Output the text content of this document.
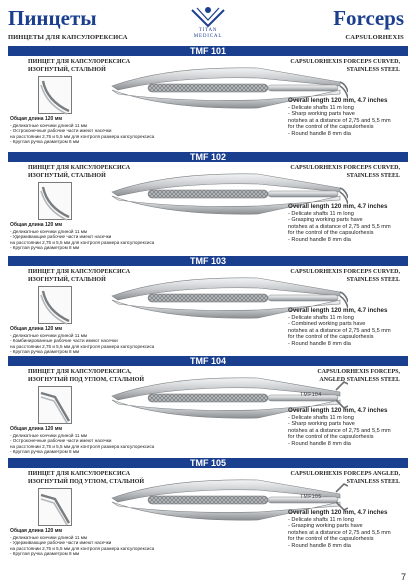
Пинцеты
ПИНЦЕТЫ ДЛЯ КАПСУЛОРЕКСИСА
TITAN
MEDICAL
Forceps
CAPSULORHEXIS
TMF 101
ПИНЦЕТ ДЛЯ КАПСУЛОРЕКСИСА
ИЗОГНУТЫЙ, СТАЛЬНОЙ
CAPSULORHEXIS FORCEPS CURVED,
STAINLESS STEEL
Общая длина 120 мм
- Деликатные кончики длиной 11 мм
- Остроконечные рабочие части имеют насечки
на расстоянии 2,75 и 5,5 мм для контроля размера капсулорексиса
- Круглая ручка диаметром 8 мм
Overall length 120 mm, 4.7 inches
- Delicate shafts 11 m long
- Sharp working parts have
notshes at a distance of 2,75 and 5,5 mm
for the control of the capsulorhexis
- Round handle 8 mm dia
TMF 102
ПИНЦЕТ ДЛЯ КАПСУЛОРЕКСИСА
ИЗОГНУТЫЙ, СТАЛЬНОЙ
CAPSULORHEXIS FORCEPS CURVED,
STAINLESS STEEL
Общая длина 120 мм
- Деликатные кончики длиной 11 мм
- Удерживающие рабочие части имеют насечки
на расстоянии 2,75 и 5,5 мм для контроля размера капсулорексиса
- Круглая ручка диаметром 8 мм
Overall length 120 mm, 4.7 inches
- Delicate shafts 11 m long
- Grasping working parts have
notshes at a distance of 2,75 and 5,5 mm
for the control of the capsulorhexis
- Round handle 8 mm dia
TMF 103
ПИНЦЕТ ДЛЯ КАПСУЛОРЕКСИСА
ИЗОГНУТЫЙ, СТАЛЬНОЙ
CAPSULORHEXIS FORCEPS CURVED,
STAINLESS STEEL
Общая длина 120 мм
- Деликатные кончики длиной 11 мм
- Комбинированные рабочие части имеют насечки
на расстоянии 2,75 и 5,5 мм для контроля размера капсулорексиса
- Круглая ручка диаметром 8 мм
Overall length 120 mm, 4.7 inches
- Delicate shafts 11 m long
- Combined working parts have
notshes at a distance of 2,75 and 5,5 mm
for the control of the capsulorhexis
- Round handle 8 mm dia
TMF 104
ПИНЦЕТ ДЛЯ КАПСУЛОРЕКСИСА,
ИЗОГНУТЫЙ ПОД УГЛОМ, СТАЛЬНОЙ
CAPSULORHEXIS FORCEPS,
ANGLED STAINLESS STEEL
Общая длина 120 мм
- Деликатные кончики длиной 11 мм
- Остроконечные рабочие части имеют насечки
на расстоянии 2,75 и 5,5 мм для контроля размера капсулорексиса
- Круглая ручка диаметром 8 мм
Overall length 120 mm, 4.7 inches
- Delicate shafts 11 m long
- Sharp working parts have
notshes at a distance of 2,75 and 5,5 mm
for the control of the capsulorhexis
- Round handle 8 mm dia
TMF104
TMF 105
ПИНЦЕТ ДЛЯ КАПСУЛОРЕКСИСА
ИЗОГНУТЫЙ ПОД УГЛОМ, СТАЛЬНОЙ
CAPSULORHEXIS FORCEPS ANGLED,
STAINLESS STEEL
Общая длина 120 мм
- Деликатные кончики длиной 11 мм
- Удерживающие рабочие части имеют насечки
на расстоянии 2,75 и 5,5 мм для контроля размера капсулорексиса
- Круглая ручка диаметром 8 мм
Overall length 120 mm, 4.7 inches
- Delicate shafts 11 m long
- Grasping working parts have
notshes at a distance of 2,75 and 5,5 mm
for the control of the capsulorhexis
- Round handle 8 mm dia
TMF105
7
